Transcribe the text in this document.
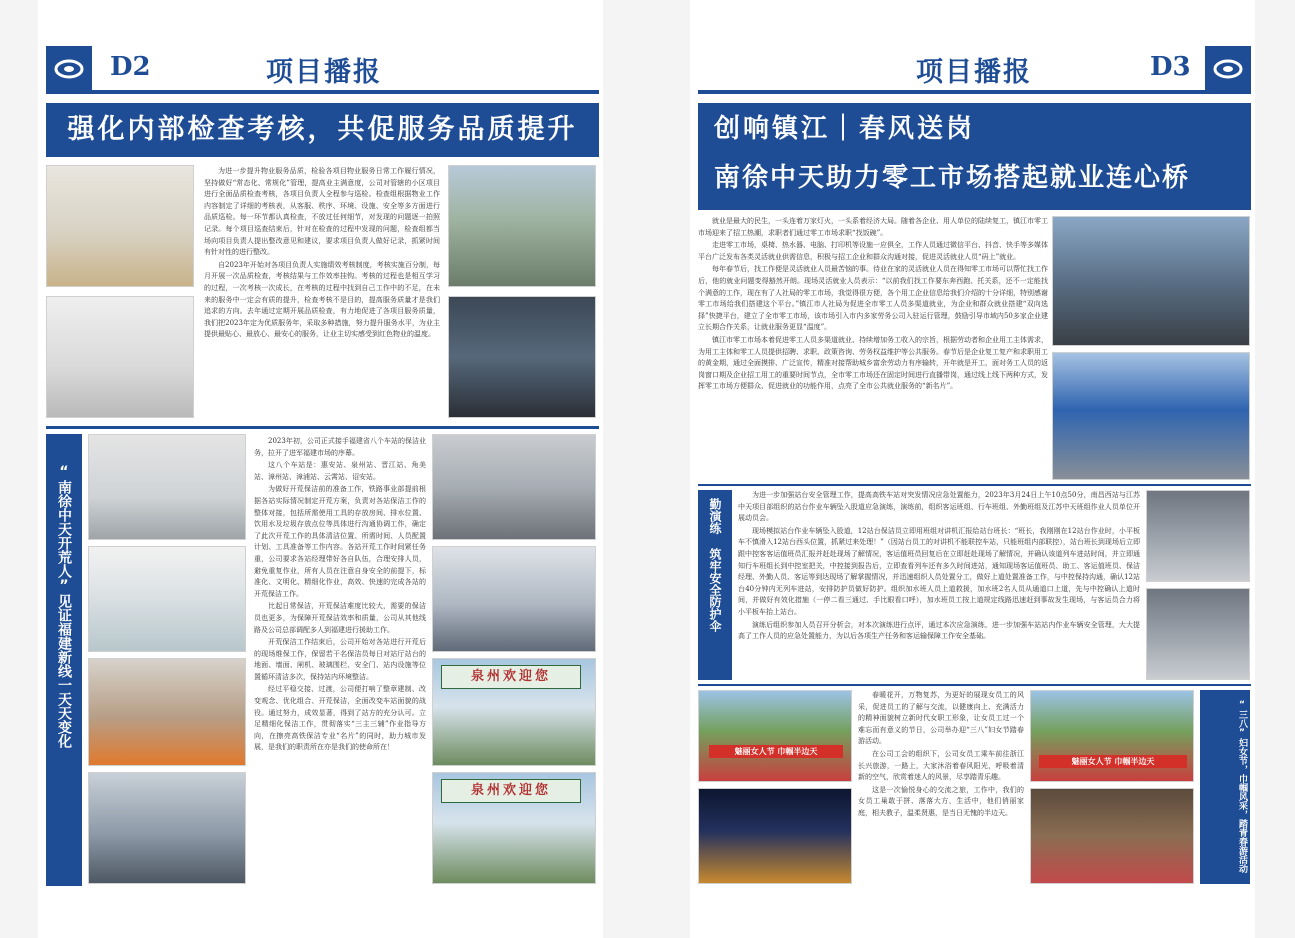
D2	项目播报
强化内部检查考核，共促服务品质提升

为进一步提升物业服务品质，检验各项目物业服务日常工作履行情况，坚持做好“常态化、常规化”管理，提高业主满意度，公司对管辖的小区项目进行全面品质检查考核，各项目负责人全程参与巡检。检查组根据物业工作内容制定了详细的考核表，从客服、秩序、环境、设施、安全等多方面进行品质巡检。每一环节都认真检查，不放过任何细节，对发现的问题逐一拍照记录。每个项目巡查结束后，针对在检查的过程中发现的问题，检查组都当场向项目负责人提出整改意见和建议，要求项目负责人做好记录，抓紧时间有针对性的进行整改。

自2023年开始对各项目负责人实施绩效考核制度，考核实施百分制，每月开展一次品质检查，考核结果与工作效率挂钩。考核的过程也是相互学习的过程，一次考核一次成长，在考核的过程中找到自己工作中的不足，在未来的服务中一定会有质的提升，检查考核不是目的，提高服务质量才是我们追求的方向。去年通过定期开展品质检查，有力地促进了各项目服务质量，我们把2023年定为优质服务年，采取多种措施，努力提升服务水平，为业主提供最贴心、最放心、最安心的服务，让业主切实感受到红色物业的温度。

“南徐中天开荒人”见证福建新线一天天变化	泉州欢迎您
泉州欢迎您

2023年初，公司正式接手福建省八个车站的保洁业务，拉开了进军福建市场的序幕。

这八个车站是：惠安站、泉州站、晋江站、角美站、漳州站、漳浦站、云霄站、诏安站。

为做好开荒保洁前的准备工作，铁路事业部提前根据各站实际情况制定开荒方案，负责对各站保洁工作的整体对接，包括所需使用工具的存放房间、排水位置、饮用水及垃圾存放点位等具体进行沟通协调工作，确定了此次开荒工作的具体清洁位置、所需时间、人员配置计划、工具准备等工作内容。各站开荒工作时间紧任务重，公司要求各站经理带好各自队伍，合理安排人员，避免重复作业，所有人员在注意自身安全的前提下，标准化、文明化、精细化作业，高效、快速的完成各站的开荒保洁工作。

比起日常保洁，开荒保洁难度比较大，需要的保洁员也更多，为保障开荒保洁效率和质量，公司从其他线路及公司总部调配多人到福建进行援助工作。

开荒保洁工作结束后，公司开始对各站进行开荒后的现场维保工作，保留若干名保洁员每日对站厅站台的地面、墙面、闸机、玻璃围栏、安全门、站内设施等位置循环清洁多次，保持站内环境整洁。

经过平稳交接、过渡，公司便打响了整章建制、改变观念、优化组合、开荒保洁，全面改变车站面貌的战役。通过努力，成效显著，得到了站方的充分认可。立足精细化保洁工作，贯彻落实“三主三辅”作业指导方向，在擦亮高铁保洁专业“名片”的同时，助力城市发展，是我们的职责所在亦是我们的使命所在！

项目播报	D3
创响镇江｜春风送岗
南徐中天助力零工市场搭起就业连心桥

就业是最大的民生，一头连着万家灯火，一头系着经济大局。随着各企业、用人单位的陆续复工，镇江市零工市场迎来了招工热潮，求职者们通过零工市场求职“找饭碗”。

走进零工市场，桌椅、热水器、电脑、打印机等设施一应俱全，工作人员通过微信平台、抖音、快手等多媒体平台广泛发布各类灵活就业供需信息，积极与招工企业和群众沟通对接，促进灵活就业人员“码上”就业。

每年春节后，找工作便是灵活就业人员最苦恼的事。待业在家的灵活就业人员在得知零工市场可以帮忙找工作后，他的就业问题变得豁然开朗。现场灵活就业人员表示：“以前我们找工作要东奔西跑、托关系，还不一定能找个满意的工作，现在有了人社局的零工市场，我觉得很方便，各个用工企业信息给我们介绍的十分详细，特别感谢零工市场给我们搭建这个平台。”镇江市人社局为促进全市零工人员多渠道就业，为企业和群众就业搭建“双向选择”快捷平台，建立了全市零工市场，该市场引入市内多家劳务公司入驻运行管理，鼓励引导市域内50多家企业建立长期合作关系，让就业服务更显“温度”。

镇江市零工市场本着促进零工人员多渠道就业、持续增加务工收入的宗旨，根据劳动者和企业用工主体需求，为用工主体和零工人员提供招聘、求职、政策咨询、劳务权益维护等公共服务。春节后是企业复工复产和求职用工的黄金期，通过全面摸排、广泛宣传，精准对接帮助城乡富余劳动力有序输转，开年就是开工，面对务工人员的返岗窗口期及企业招工用工的重要时间节点，全市零工市场还在固定时间进行直播带岗，通过线上线下两种方式，发挥零工市场方便群众、促进就业的功能作用，点亮了全市公共就业服务的“新名片”。

勤演练 筑牢安全防护伞

为进一步加强站台安全管理工作，提高高铁车站对突发情况应急处置能力，2023年3月24日上午10点50分，南昌西站与江苏中天项目部组织的站台作业车辆坠入股道应急演练，演练前，组织客运班组、行车班组、外勤班组及江苏中天班组作业人员单位开展动员会。

现场模拟站台作业车辆坠入股道，12站台保洁员立即用班组对讲机汇报给站台班长：“班长，我刚刚在12站台作业时，小平板车不慎滑入12站台西头位置，抓紧过来处理！”（因站台员工的对讲机不能联控车站，只能班组内部联控），站台班长到现场后立即跟中控客客运值班员汇报并赶赴现场了解情况，客运值班员回复后在立即赶赴现场了解情况，并确认该道列车进站时间，并立即通知行车班组长到中控室把关，中控接到报告后，立即查看列车还有多久时间进站，通知现场客运值班员、助工、客运值班员、保洁经理、外勤人员、客运等到达现场了解掌握情况，并迅速组织人员处置分工，做好上道处置准备工作，与中控保持沟通，确认12站台40分钟内无列车进站，安排防护员做好防护。组织加水班人员上道救援，加水班2名人员从通道口上道，先与中控确认上道时间，并做好有效化措施（一停二看三通过、手比眼看口呼），加水班员工按上道规定线路迅速赶到事故发生现场，与客运员合力将小平板车抬上站台。

演练后组织参加人员召开分析会，对本次演练进行点评，通过本次应急演练，进一步加强车站站内作业车辆安全管理，大大提高了工作人员的应急处置能力，为以后各项生产任务和客运输保障工作安全基础。

魅丽女人节 巾帼半边天

春暖花开，万物复苏，为更好的展现女员工的风采，促进员工的了解与交流，以健康向上、充满活力的精神面貌树立新时代女职工形象，让女员工过一个难忘而有意义的节日，公司举办迎“三八”妇女节踏春游活动。

在公司工会的组织下，公司女员工乘车前往浙江长兴旅游，一路上，大家沐浴着春风阳光，呼吸着清新的空气，欣赏着迷人的风景，尽享踏青乐趣。

这是一次愉悦身心的交流之旅，工作中，我们的女员工巢敢于拼、落落大方，生活中，他们俏丽家庭，相夫教子，温柔贤惠，是当日无愧的半边天。

魅丽女人节 巾帼半边天	“三八”妇女节，巾帼风采，踏青春游活动
